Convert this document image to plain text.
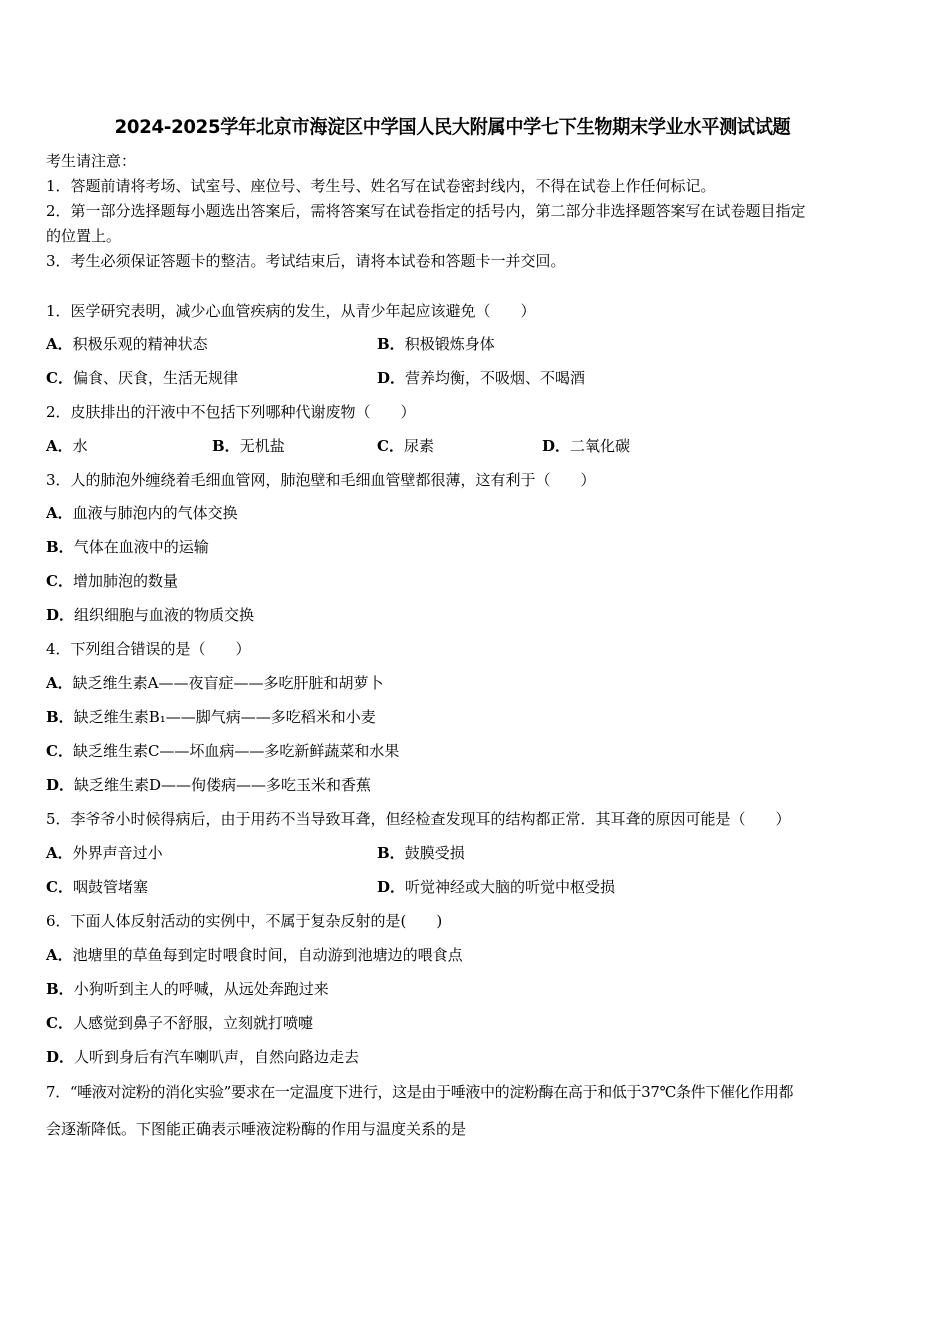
2024-2025学年北京市海淀区中学国人民大附属中学七下生物期末学业水平测试试题
考生请注意：
1．答题前请将考场、试室号、座位号、考生号、姓名写在试卷密封线内，不得在试卷上作任何标记。
2．第一部分选择题每小题选出答案后，需将答案写在试卷指定的括号内，第二部分非选择题答案写在试卷题目指定
的位置上。
3．考生必须保证答题卡的整洁。考试结束后，请将本试卷和答题卡一并交回。
1．医学研究表明，减少心血管疾病的发生，从青少年起应该避免（　　）
A．积极乐观的精神状态	B．积极锻炼身体
C．偏食、厌食，生活无规律	D．营养均衡，不吸烟、不喝酒
2．皮肤排出的汗液中不包括下列哪种代谢废物（　　）
A．水	B．无机盐	C．尿素	D．二氧化碳
3．人的肺泡外缠绕着毛细血管网，肺泡壁和毛细血管壁都很薄，这有利于（　　）
A．血液与肺泡内的气体交换
B．气体在血液中的运输
C．增加肺泡的数量
D．组织细胞与血液的物质交换
4．下列组合错误的是（　　）
A．缺乏维生素A——夜盲症——多吃肝脏和胡萝卜
B．缺乏维生素B₁——脚气病——多吃稻米和小麦
C．缺乏维生素C——坏血病——多吃新鲜蔬菜和水果
D．缺乏维生素D——佝偻病——多吃玉米和香蕉
5．李爷爷小时候得病后，由于用药不当导致耳聋，但经检查发现耳的结构都正常．其耳聋的原因可能是（　　）
A．外界声音过小	B．鼓膜受损
C．咽鼓管堵塞	D．听觉神经或大脑的听觉中枢受损
6．下面人体反射活动的实例中，不属于复杂反射的是(　　)
A．池塘里的草鱼每到定时喂食时间，自动游到池塘边的喂食点
B．小狗听到主人的呼喊，从远处奔跑过来
C．人感觉到鼻子不舒服，立刻就打喷嚏
D．人听到身后有汽车喇叭声，自然向路边走去
7．“唾液对淀粉的消化实验”要求在一定温度下进行，这是由于唾液中的淀粉酶在高于和低于37℃条件下催化作用都
会逐渐降低。下图能正确表示唾液淀粉酶的作用与温度关系的是
